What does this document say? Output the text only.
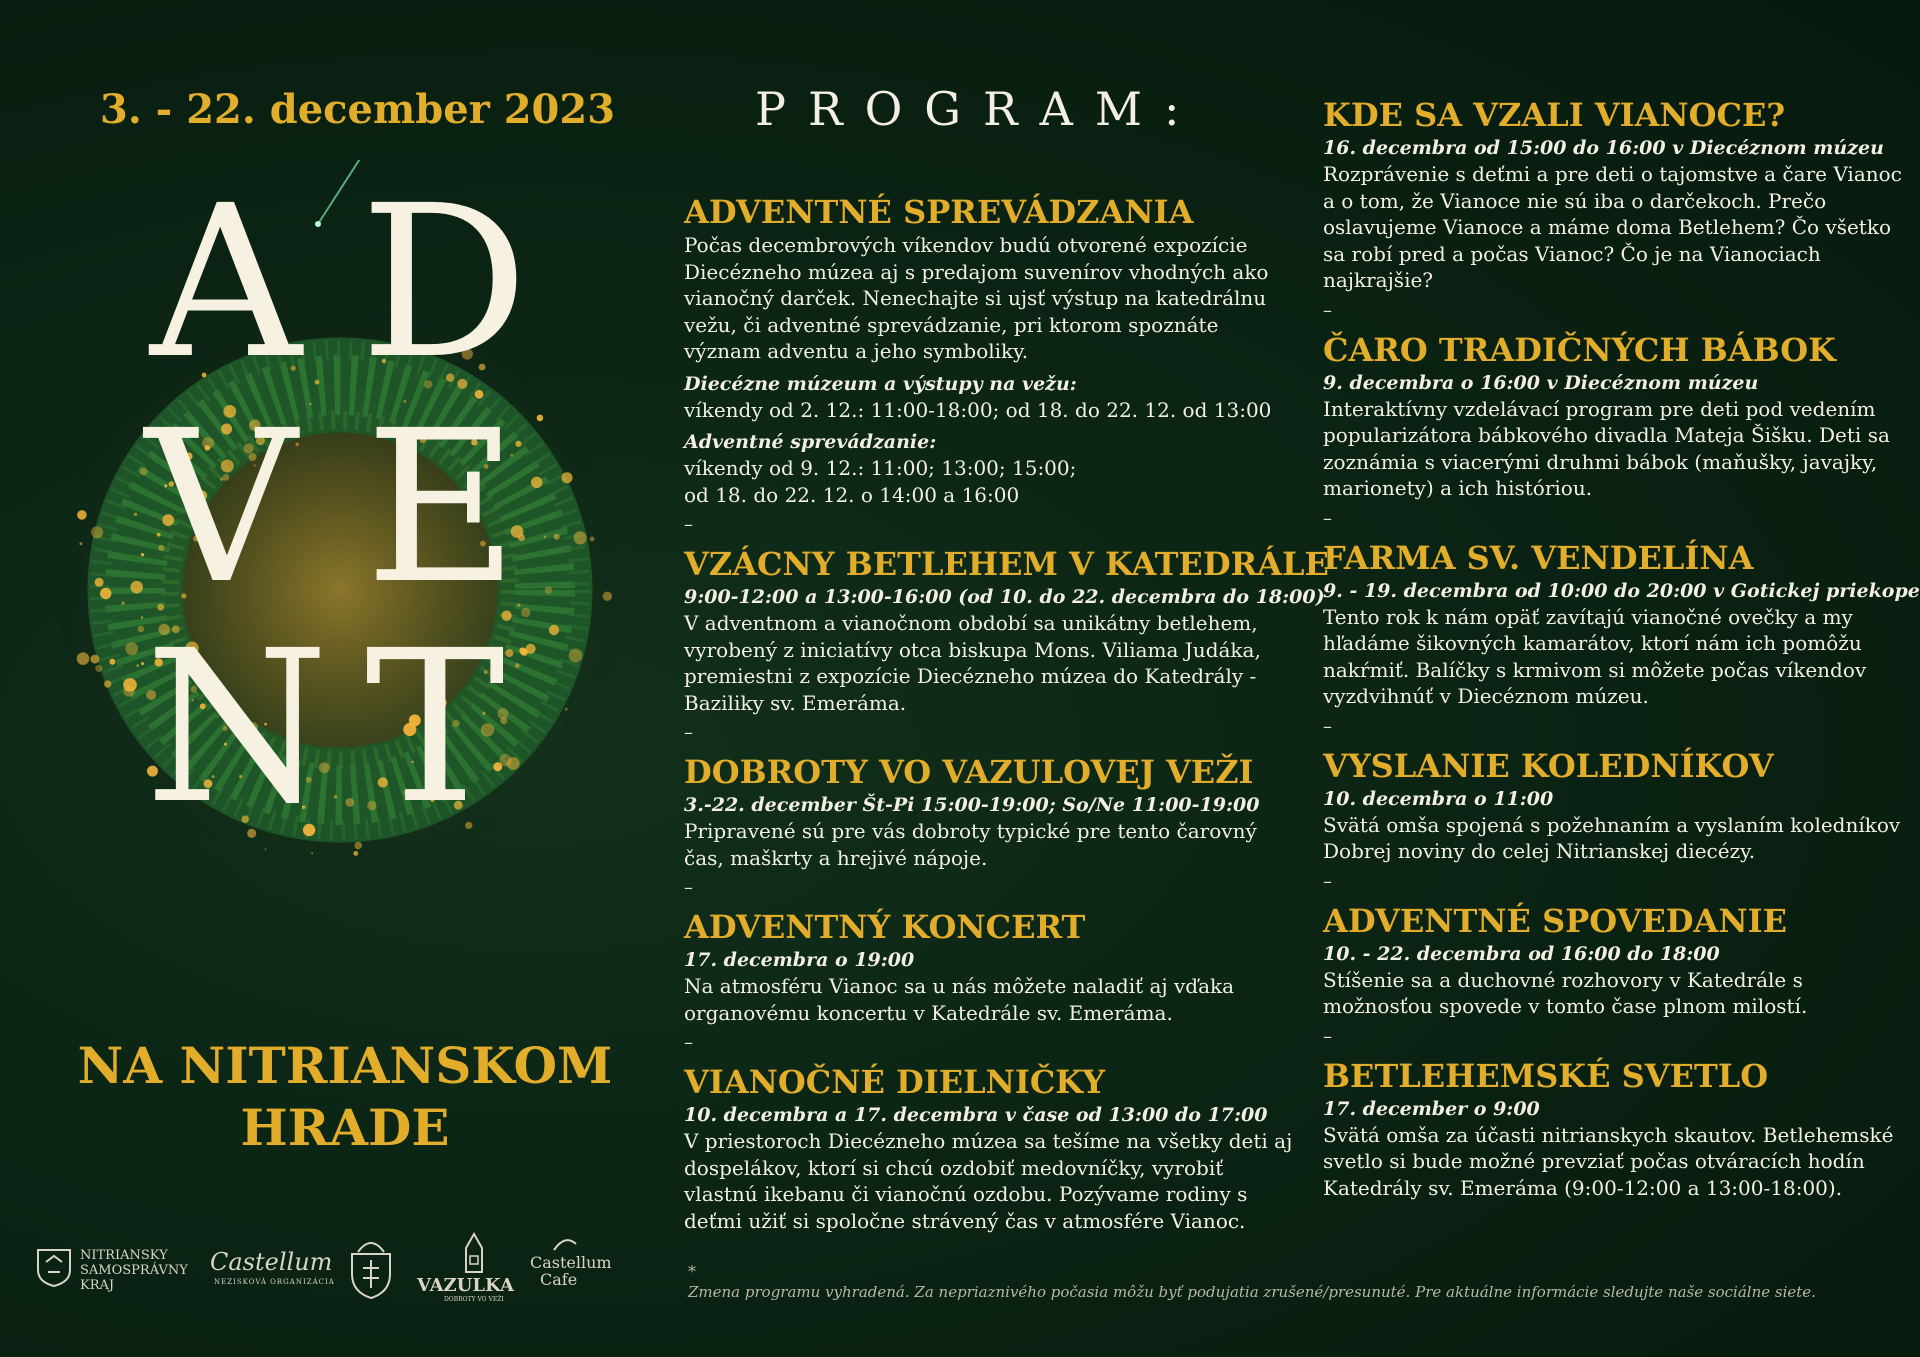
3. - 22. december 2023	PROGRAM:
A D
V E
N T
NA NITRIANSKOM
HRADE
ADVENTNÉ SPREVÁDZANIA

Počas decembrových víkendov budú otvorené expozície Diecézneho múzea aj s predajom suvenírov vhodných ako vianočný darček. Nenechajte si ujsť výstup na katedrálnu vežu, či adventné sprevádzanie, pri ktorom spoznáte význam adventu a jeho symboliky.

Diecézne múzeum a výstupy na vežu:
víkendy od 2. 12.: 11:00-18:00; od 18. do 22. 12. od 13:00
Adventné sprevádzanie:
víkendy od 9. 12.: 11:00; 13:00; 15:00;
od 18. do 22. 12. o 14:00 a 16:00
–
VZÁCNY BETLEHEM V KATEDRÁLE
9:00-12:00 a 13:00-16:00 (od 10. do 22. decembra do 18:00)

V adventnom a vianočnom období sa unikátny betlehem, vyrobený z iniciatívy otca biskupa Mons. Viliama Judáka, premiestni z expozície Diecézneho múzea do Katedrály - Baziliky sv. Emeráma.

–
DOBROTY VO VAZULOVEJ VEŽI
3.-22. december Št-Pi 15:00-19:00; So/Ne 11:00-19:00

Pripravené sú pre vás dobroty typické pre tento čarovný čas, maškrty a hrejivé nápoje.

–
ADVENTNÝ KONCERT
17. decembra o 19:00

Na atmosféru Vianoc sa u nás môžete naladiť aj vďaka organovému koncertu v Katedrále sv. Emeráma.

–
VIANOČNÉ DIELNIČKY
10. decembra a 17. decembra v čase od 13:00 do 17:00

V priestoroch Diecézneho múzea sa tešíme na všetky deti aj dospelákov, ktorí si chcú ozdobiť medovníčky, vyrobiť vlastnú ikebanu či vianočnú ozdobu. Pozývame rodiny s deťmi užiť si spoločne strávený čas v atmosfére Vianoc.

KDE SA VZALI VIANOCE?
16. decembra od 15:00 do 16:00 v Diecéznom múzeu

Rozprávenie s deťmi a pre deti o tajomstve a čare Vianoc a o tom, že Vianoce nie sú iba o darčekoch. Prečo oslavujeme Vianoce a máme doma Betlehem? Čo všetko sa robí pred a počas Vianoc? Čo je na Vianociach najkrajšie?

–
ČARO TRADIČNÝCH BÁBOK
9. decembra o 16:00 v Diecéznom múzeu

Interaktívny vzdelávací program pre deti pod vedením popularizátora bábkového divadla Mateja Šišku. Deti sa zoznámia s viacerými druhmi bábok (maňušky, javajky, marionety) a ich históriou.

–
FARMA SV. VENDELÍNA
9. - 19. decembra od 10:00 do 20:00 v Gotickej priekope

Tento rok k nám opäť zavítajú vianočné ovečky a my hľadáme šikovných kamarátov, ktorí nám ich pomôžu nakŕmiť. Balíčky s krmivom si môžete počas víkendov vyzdvihnúť v Diecéznom múzeu.

–
VYSLANIE KOLEDNÍKOV
10. decembra o 11:00

Svätá omša spojená s požehnaním a vyslaním koledníkov Dobrej noviny do celej Nitrianskej diecézy.

–
ADVENTNÉ SPOVEDANIE
10. - 22. decembra od 16:00 do 18:00

Stíšenie sa a duchovné rozhovory v Katedrále s možnosťou spovede v tomto čase plnom milostí.

–
BETLEHEMSKÉ SVETLO
17. december o 9:00

Svätá omša za účasti nitrianskych skautov. Betlehemské svetlo si bude možné prevziať počas otváracích hodín Katedrály sv. Emeráma (9:00-12:00 a 13:00-18:00).

*
Zmena programu vyhradená. Za nepriaznivého počasia môžu byť podujatia zrušené/presunuté. Pre aktuálne informácie sledujte naše sociálne siete.
NITRIANSKY
SAMOSPRÁVNY
KRAJ
Castellum
NEZISKOVÁ ORGANIZÁCIA	VAZULKA
DOBROTY VO VEŽI
Castellum
Cafe
